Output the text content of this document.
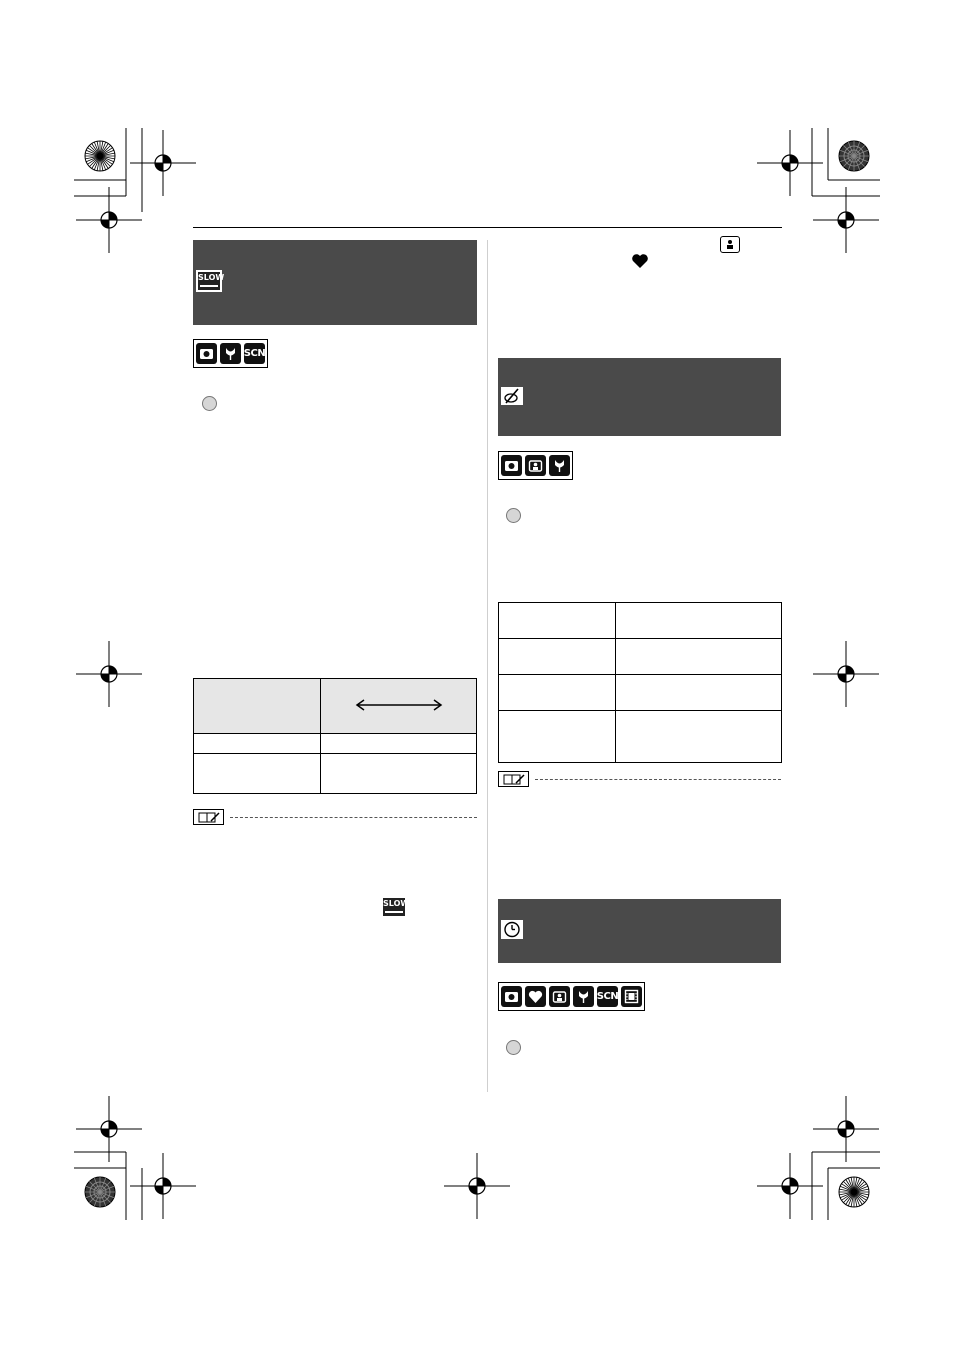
SLOW
SCN

SLOW

SCN
